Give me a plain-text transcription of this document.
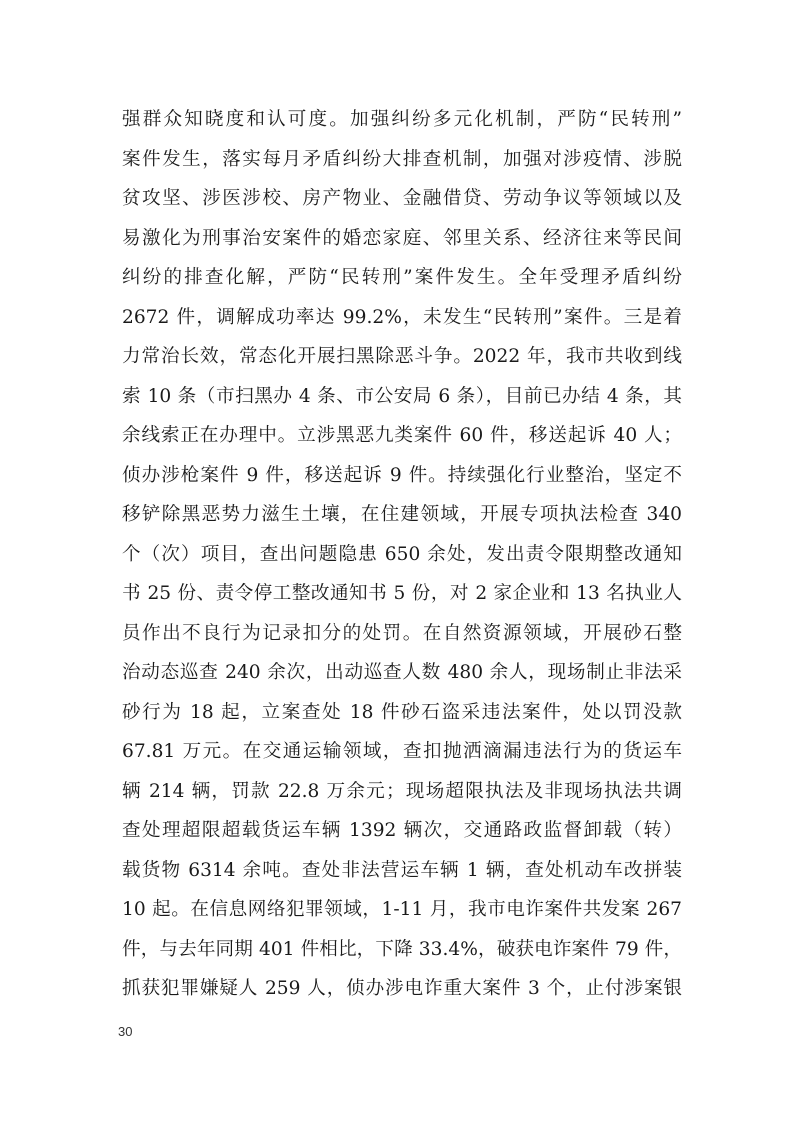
强群众知晓度和认可度。加强纠纷多元化机制，严防“民转刑”
案件发生，落实每月矛盾纠纷大排查机制，加强对涉疫情、涉脱
贫攻坚、涉医涉校、房产物业、金融借贷、劳动争议等领域以及
易激化为刑事治安案件的婚恋家庭、邻里关系、经济往来等民间
纠纷的排查化解，严防“民转刑”案件发生。全年受理矛盾纠纷
2672 件，调解成功率达 99.2%，未发生“民转刑”案件。三是着
力常治长效，常态化开展扫黑除恶斗争。2022 年，我市共收到线
索 10 条（市扫黑办 4 条、市公安局 6 条），目前已办结 4 条，其
余线索正在办理中。立涉黑恶九类案件 60 件，移送起诉 40 人；
侦办涉枪案件 9 件，移送起诉 9 件。持续强化行业整治，坚定不
移铲除黑恶势力滋生土壤，在住建领域，开展专项执法检查 340
个（次）项目，查出问题隐患 650 余处，发出责令限期整改通知
书 25 份、责令停工整改通知书 5 份，对 2 家企业和 13 名执业人
员作出不良行为记录扣分的处罚。在自然资源领域，开展砂石整
治动态巡查 240 余次，出动巡查人数 480 余人，现场制止非法采
砂行为 18 起，立案查处 18 件砂石盗采违法案件，处以罚没款
67.81 万元。在交通运输领域，查扣抛洒滴漏违法行为的货运车
辆 214 辆，罚款 22.8 万余元；现场超限执法及非现场执法共调
查处理超限超载货运车辆 1392 辆次，交通路政监督卸载（转）
载货物 6314 余吨。查处非法营运车辆 1 辆，查处机动车改拼装
10 起。在信息网络犯罪领域，1-11 月，我市电诈案件共发案 267
件，与去年同期 401 件相比，下降 33.4%，破获电诈案件 79 件，
抓获犯罪嫌疑人 259 人，侦办涉电诈重大案件 3 个，止付涉案银
30
